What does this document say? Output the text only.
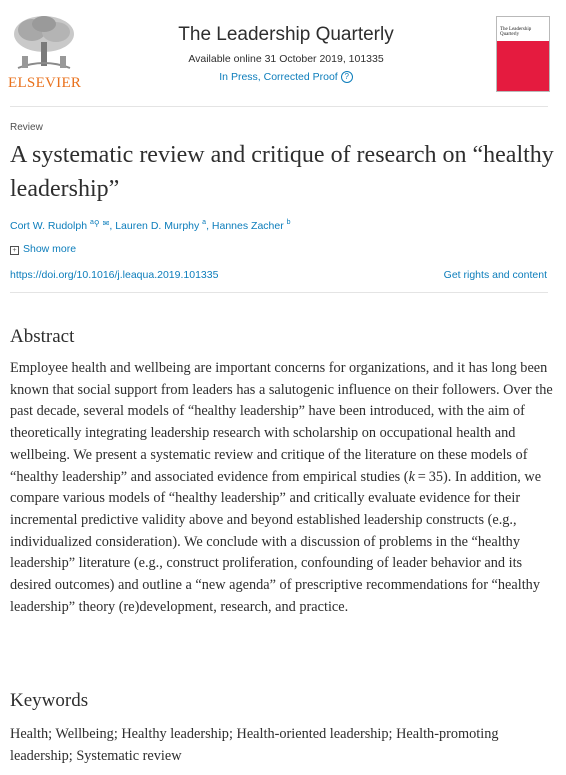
ELSEVIER
The Leadership Quarterly
Available online 31 October 2019, 101335
In Press, Corrected Proof ?
The Leadership Quarterly
Review
A systematic review and critique of research on “healthy leadership”
Cort W. Rudolph $^a$⚲ ✉, Lauren D. Murphy $^a$, Hannes Zacher $^b$
+ Show more
https://doi.org/10.1016/j.leaqua.2019.101335	Get rights and content
Abstract

Employee health and wellbeing are important concerns for organizations, and it has long been known that social support from leaders has a salutogenic influence on their followers. Over the past decade, several models of “healthy leadership” have been introduced, with the aim of theoretically integrating leadership research with scholarship on occupational health and wellbeing. We present a systematic review and critique of the literature on these models of “healthy leadership” and associated evidence from empirical studies (k = 35). In addition, we compare various models of “healthy leadership” and critically evaluate evidence for their incremental predictive validity above and beyond established leadership constructs (e.g., individualized consideration). We conclude with a discussion of problems in the “healthy leadership” literature (e.g., construct proliferation, confounding of leader behavior and its desired outcomes) and outline a “new agenda” of prescriptive recommendations for “healthy leadership” theory (re)development, research, and practice.

Keywords

Health; Wellbeing; Healthy leadership; Health-oriented leadership; Health-promoting leadership; Systematic review
